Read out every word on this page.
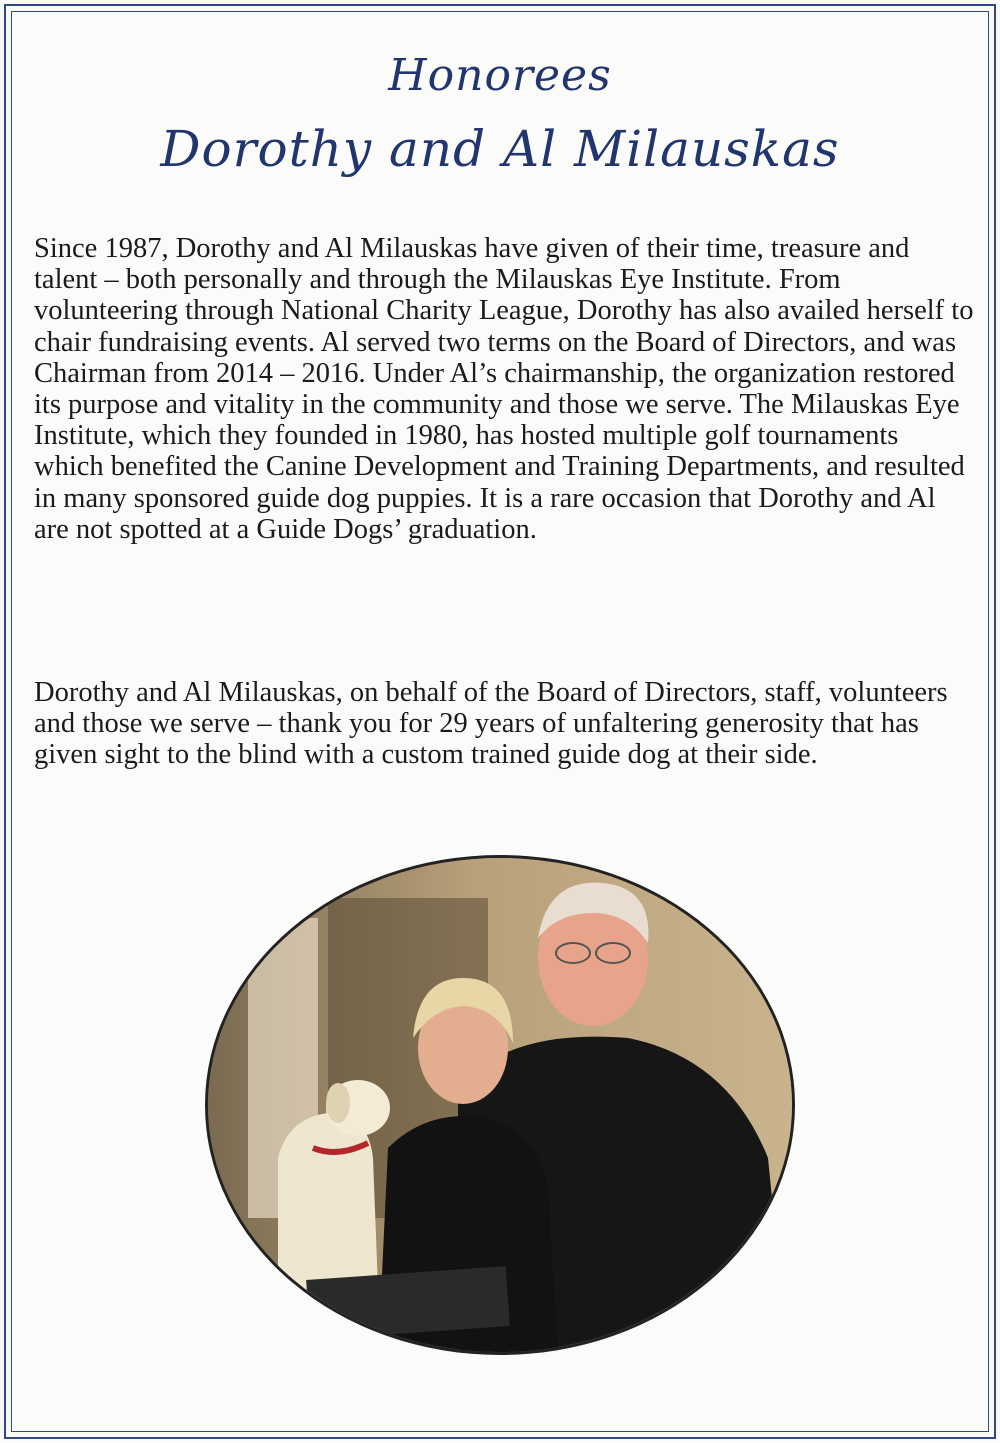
Honorees
Dorothy and Al Milauskas

Since 1987, Dorothy and Al Milauskas have given of their time, treasure and talent – both personally and through the Milauskas Eye Institute. From volunteering through National Charity League, Dorothy has also availed herself to chair fundraising events. Al served two terms on the Board of Directors, and was Chairman from 2014 – 2016. Under Al’s chairmanship, the organization restored its purpose and vitality in the community and those we serve. The Milauskas Eye Institute, which they founded in 1980, has hosted multiple golf tournaments which benefited the Canine Development and Training Departments, and resulted in many sponsored guide dog puppies. It is a rare occasion that Dorothy and Al are not spotted at a Guide Dogs’ graduation.

Dorothy and Al Milauskas, on behalf of the Board of Directors, staff, volunteers and those we serve – thank you for 29 years of unfaltering generosity that has given sight to the blind with a custom trained guide dog at their side.
